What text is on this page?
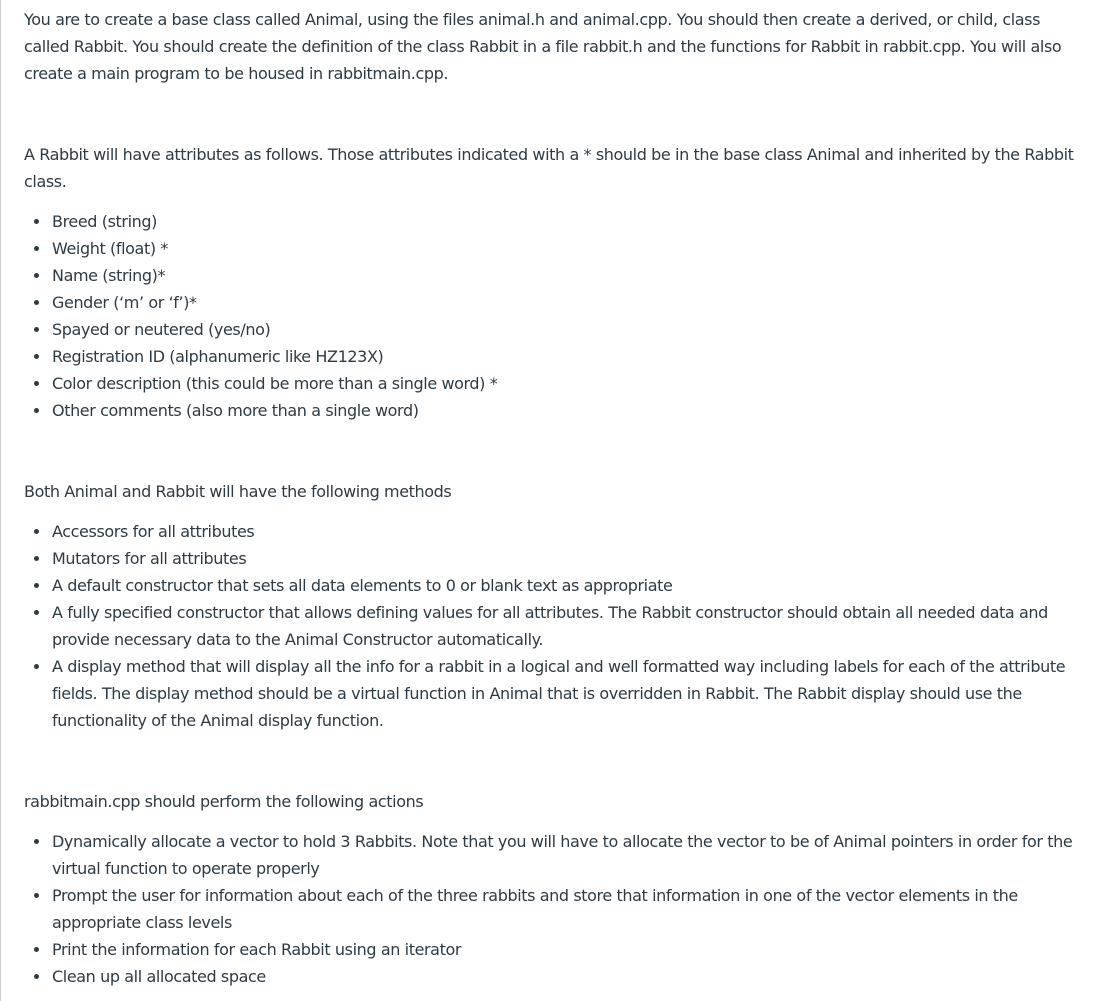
You are to create a base class called Animal, using the files animal.h and animal.cpp. You should then create a derived, or child, class called Rabbit. You should create the definition of the class Rabbit in a file rabbit.h and the functions for Rabbit in rabbit.cpp. You will also create a main program to be housed in rabbitmain.cpp.

A Rabbit will have attributes as follows. Those attributes indicated with a * should be in the base class Animal and inherited by the Rabbit class.

Breed (string)
Weight (float) *
Name (string)*
Gender (‘m’ or ‘f’)*
Spayed or neutered (yes/no)
Registration ID (alphanumeric like HZ123X)
Color description (this could be more than a single word) *
Other comments (also more than a single word)

Both Animal and Rabbit will have the following methods

Accessors for all attributes
Mutators for all attributes
A default constructor that sets all data elements to 0 or blank text as appropriate
A fully specified constructor that allows defining values for all attributes. The Rabbit constructor should obtain all needed data and provide necessary data to the Animal Constructor automatically.
A display method that will display all the info for a rabbit in a logical and well formatted way including labels for each of the attribute fields. The display method should be a virtual function in Animal that is overridden in Rabbit. The Rabbit display should use the functionality of the Animal display function.

rabbitmain.cpp should perform the following actions

Dynamically allocate a vector to hold 3 Rabbits. Note that you will have to allocate the vector to be of Animal pointers in order for the virtual function to operate properly
Prompt the user for information about each of the three rabbits and store that information in one of the vector elements in the appropriate class levels
Print the information for each Rabbit using an iterator
Clean up all allocated space
